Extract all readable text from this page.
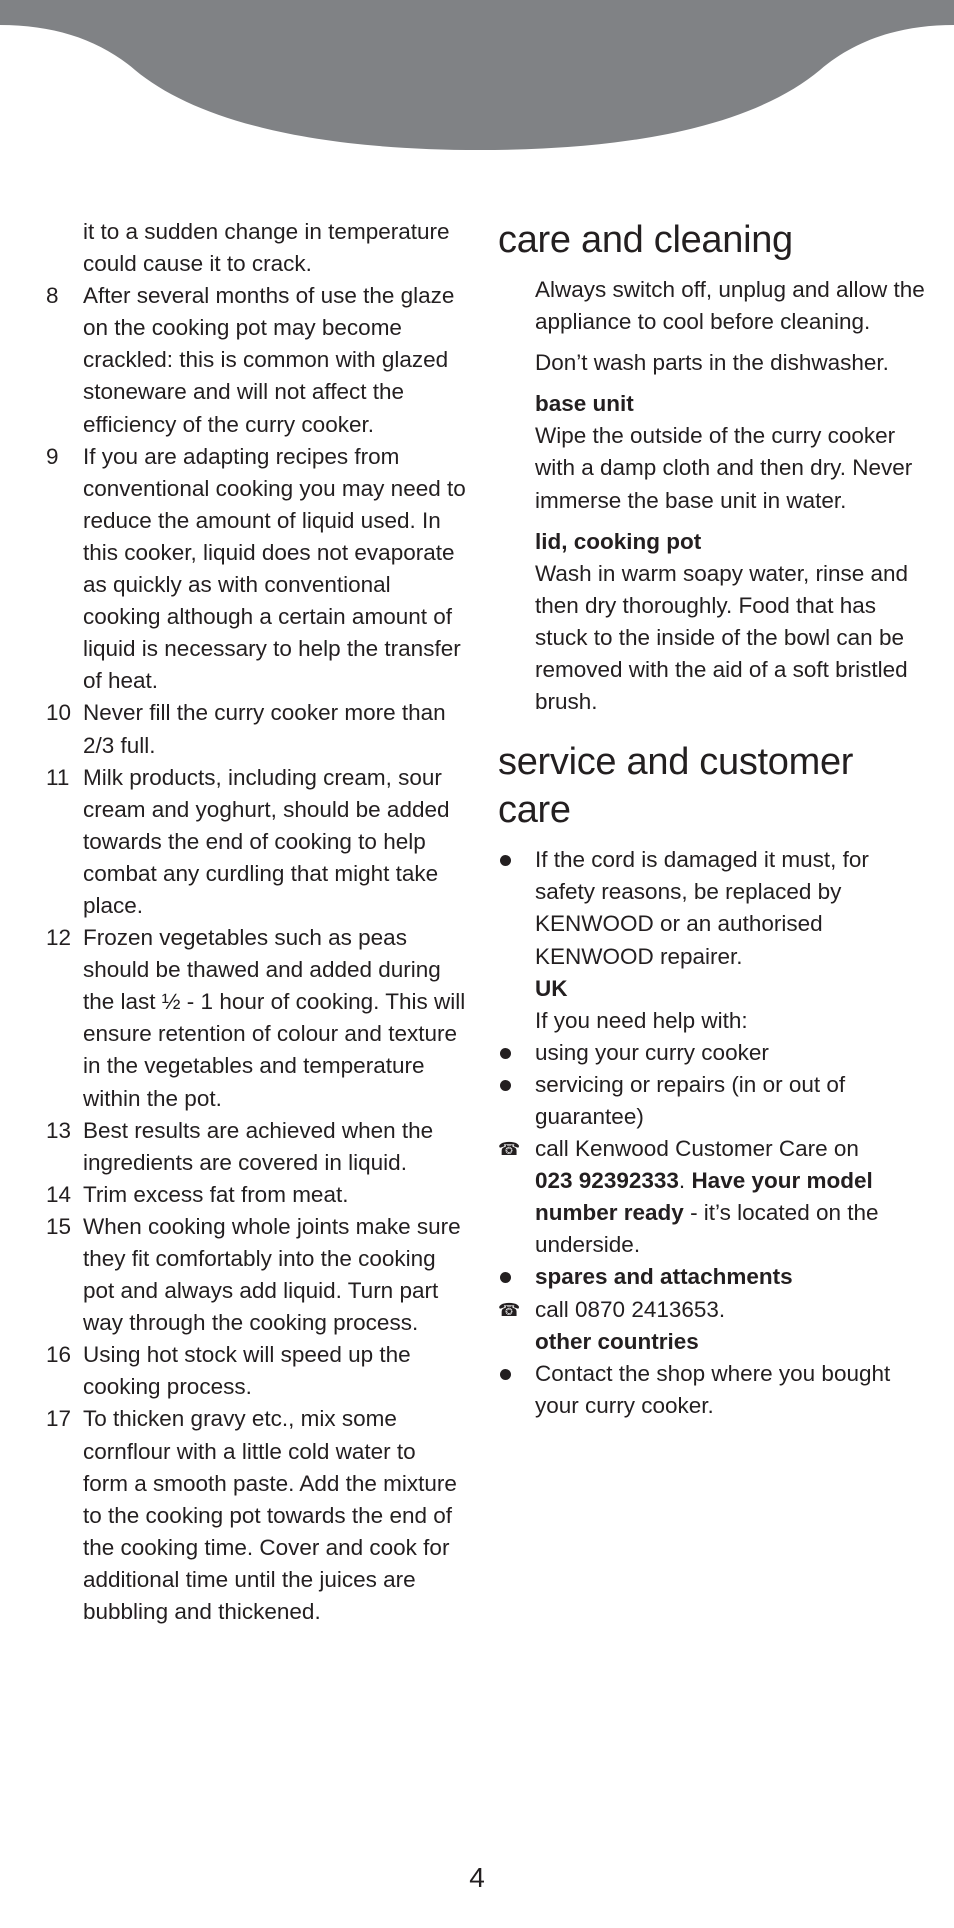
it to a sudden change in temperature could cause it to crack.
8	After several months of use the glaze on the cooking pot may become crackled: this is common with glazed stoneware and will not affect the efficiency of the curry cooker.
9	If you are adapting recipes from conventional cooking you may need to reduce the amount of liquid used. In this cooker, liquid does not evaporate as quickly as with conventional cooking although a certain amount of liquid is necessary to help the transfer of heat.
10 Never fill the curry cooker more than 2/3 full.
11 Milk products, including cream, sour cream and yoghurt, should be added towards the end of cooking to help combat any curdling that might take place.
12 Frozen vegetables such as peas should be thawed and added during the last ½ - 1 hour of cooking. This will ensure retention of colour and texture in the vegetables and temperature within the pot.
13 Best results are achieved when the ingredients are covered in liquid.
14 Trim excess fat from meat.
15 When cooking whole joints make sure they fit comfortably into the cooking pot and always add liquid. Turn part way through the cooking process.
16 Using hot stock will speed up the cooking process.
17 To thicken gravy etc., mix some cornflour with a little cold water to form a smooth paste. Add the mixture to the cooking pot towards the end of the cooking time. Cover and cook for additional time until the juices are bubbling and thickened.
care and cleaning
Always switch off, unplug and allow the appliance to cool before cleaning.
Don’t wash parts in the dishwasher.
base unit
Wipe the outside of the curry cooker with a damp cloth and then dry. Never immerse the base unit in water.
lid, cooking pot
Wash in warm soapy water, rinse and then dry thoroughly. Food that has stuck to the inside of the bowl can be removed with the aid of a soft bristled brush.
service and customer care
If the cord is damaged it must, for safety reasons, be replaced by KENWOOD or an authorised KENWOOD repairer.
UK
If you need help with:
using your curry cooker
servicing or repairs (in or out of guarantee)
☎ call Kenwood Customer Care on
023 92392333. Have your model number ready - it’s located on the underside.
spares and attachments
☎ call 0870 2413653.
other countries
Contact the shop where you bought your curry cooker.
4
